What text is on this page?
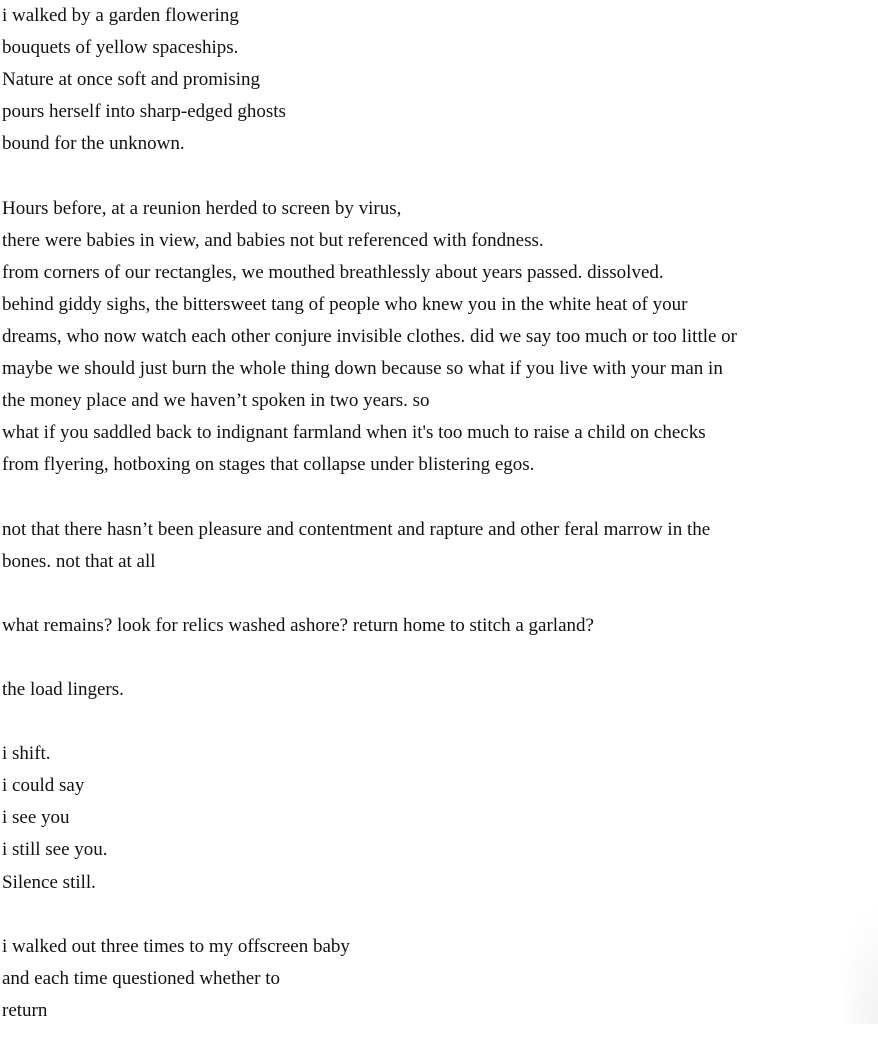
i walked by a garden flowering
bouquets of yellow spaceships.
Nature at once soft and promising
pours herself into sharp-edged ghosts
bound for the unknown.
Hours before, at a reunion herded to screen by virus,
there were babies in view, and babies not but referenced with fondness.
from corners of our rectangles, we mouthed breathlessly about years passed. dissolved.
behind giddy sighs, the bittersweet tang of people who knew you in the white heat of your
dreams, who now watch each other conjure invisible clothes. did we say too much or too little or
maybe we should just burn the whole thing down because so what if you live with your man in
the money place and we haven’t spoken in two years. so
what if you saddled back to indignant farmland when it's too much to raise a child on checks
from flyering, hotboxing on stages that collapse under blistering egos.
not that there hasn’t been pleasure and contentment and rapture and other feral marrow in the
bones. not that at all
what remains? look for relics washed ashore? return home to stitch a garland?
the load lingers.
i shift.
i could say
i see you
i still see you.
Silence still.
i walked out three times to my offscreen baby
and each time questioned whether to
return
